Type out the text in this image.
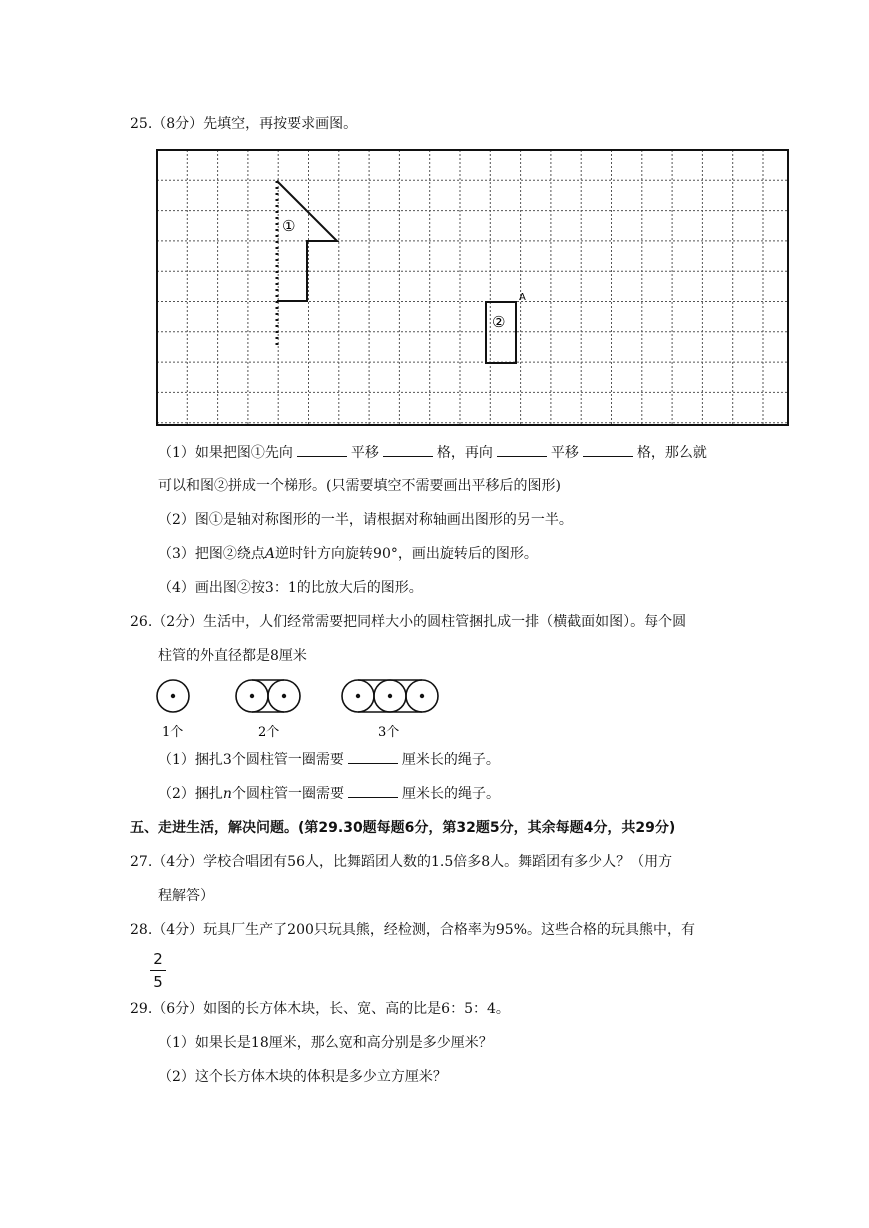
25.（8分）先填空，再按要求画图。
①
②
A
（1）如果把图①先向	平移	格，再向	平移	格，那么就
可以和图②拼成一个梯形。(只需要填空不需要画出平移后的图形)
（2）图①是轴对称图形的一半，请根据对称轴画出图形的另一半。
（3）把图②绕点A逆时针方向旋转90°，画出旋转后的图形。
（4）画出图②按3：1的比放大后的图形。
26.（2分）生活中，人们经常需要把同样大小的圆柱管捆扎成一排（横截面如图）。每个圆
柱管的外直径都是8厘米
1个	2个	3个
（1）捆扎3个圆柱管一圈需要	厘米长的绳子。
（2）捆扎n个圆柱管一圈需要	厘米长的绳子。
五、走进生活，解决问题。(第29.30题每题6分，第32题5分，其余每题4分，共29分)
27.（4分）学校合唱团有56人，比舞蹈团人数的1.5倍多8人。舞蹈团有多少人？（用方
程解答）
28.（4分）玩具厂生产了200只玩具熊，经检测，合格率为95%。这些合格的玩具熊中，有
2
5
29.（6分）如图的长方体木块，长、宽、高的比是6：5：4。
（1）如果长是18厘米，那么宽和高分别是多少厘米？
（2）这个长方体木块的体积是多少立方厘米？
